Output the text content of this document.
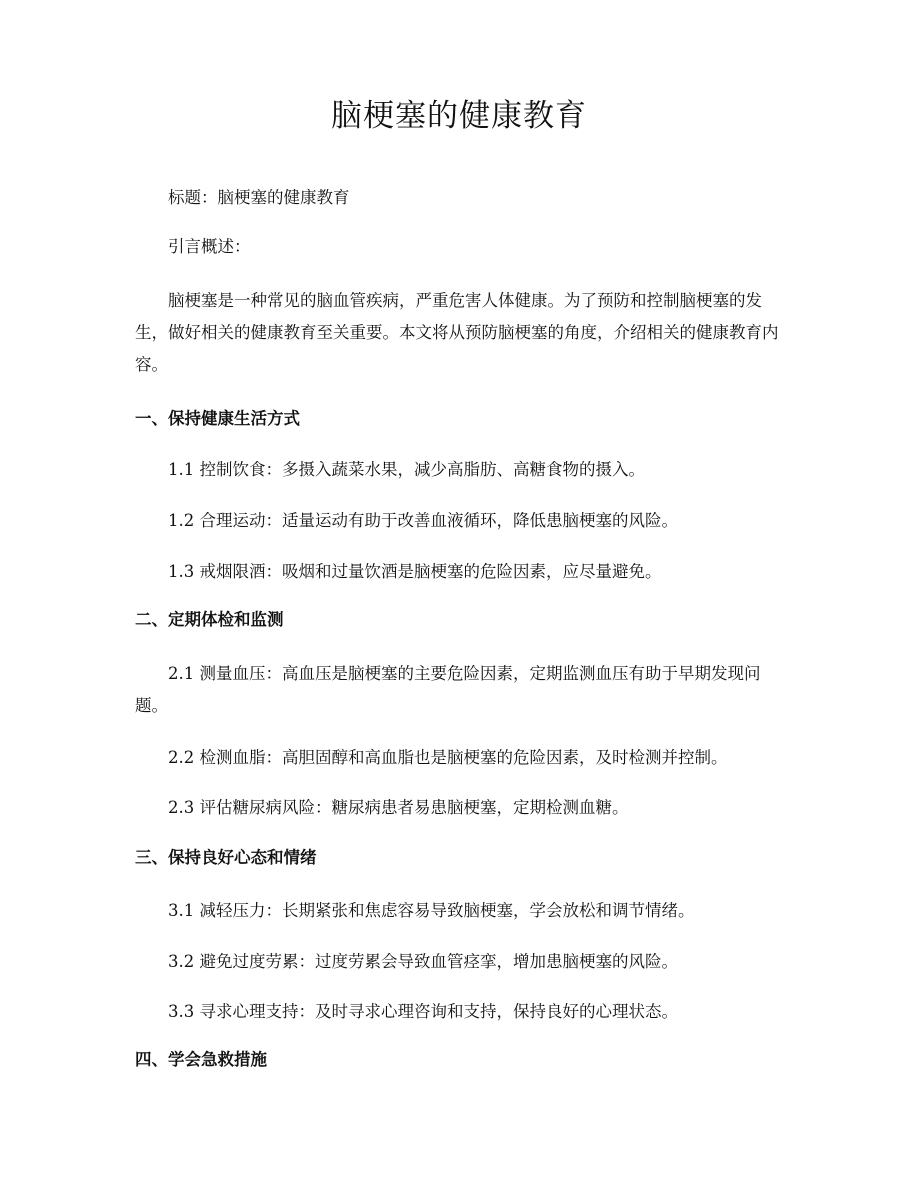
脑梗塞的健康教育
标题：脑梗塞的健康教育
引言概述：
脑梗塞是一种常见的脑血管疾病，严重危害人体健康。为了预防和控制脑梗塞的发生，做好相关的健康教育至关重要。本文将从预防脑梗塞的角度，介绍相关的健康教育内容。
一、保持健康生活方式
1.1 控制饮食：多摄入蔬菜水果，减少高脂肪、高糖食物的摄入。
1.2 合理运动：适量运动有助于改善血液循环，降低患脑梗塞的风险。
1.3 戒烟限酒：吸烟和过量饮酒是脑梗塞的危险因素，应尽量避免。
二、定期体检和监测
2.1 测量血压：高血压是脑梗塞的主要危险因素，定期监测血压有助于早期发现问题。
2.2 检测血脂：高胆固醇和高血脂也是脑梗塞的危险因素，及时检测并控制。
2.3 评估糖尿病风险：糖尿病患者易患脑梗塞，定期检测血糖。
三、保持良好心态和情绪
3.1 减轻压力：长期紧张和焦虑容易导致脑梗塞，学会放松和调节情绪。
3.2 避免过度劳累：过度劳累会导致血管痉挛，增加患脑梗塞的风险。
3.3 寻求心理支持：及时寻求心理咨询和支持，保持良好的心理状态。
四、学会急救措施
